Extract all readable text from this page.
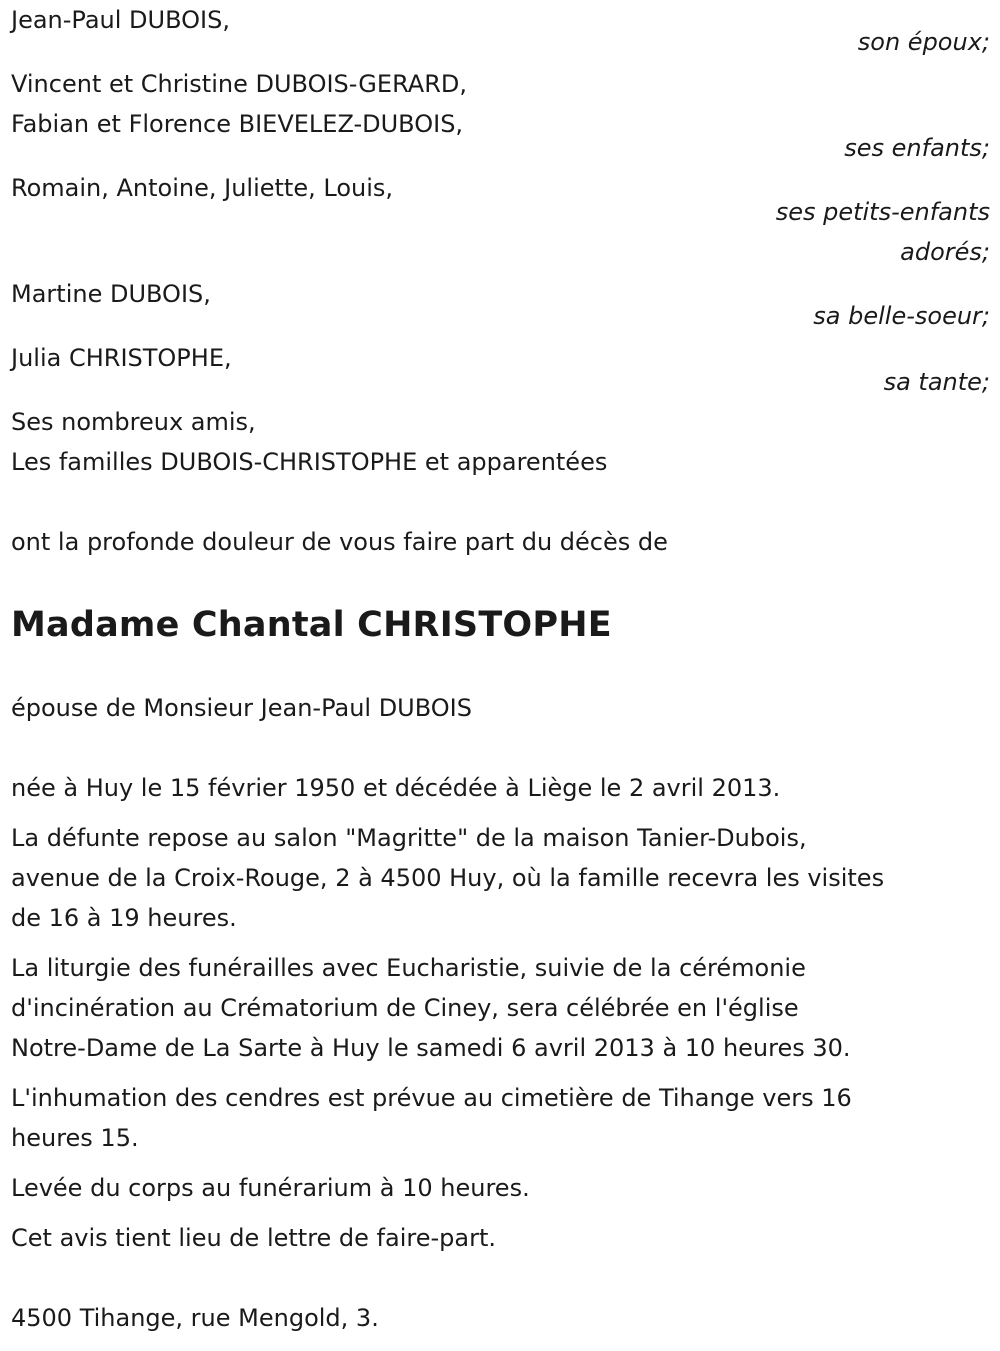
Jean-Paul DUBOIS,

son époux;

Vincent et Christine DUBOIS-GERARD,

Fabian et Florence BIEVELEZ-DUBOIS,

ses enfants;

Romain, Antoine, Juliette, Louis,

ses petits-enfants

adorés;

Martine DUBOIS,

sa belle-soeur;

Julia CHRISTOPHE,

sa tante;

Ses nombreux amis,

Les familles DUBOIS-CHRISTOPHE et apparentées

ont la profonde douleur de vous faire part du décès de

Madame Chantal CHRISTOPHE

épouse de Monsieur Jean-Paul DUBOIS

née à Huy le 15 février 1950 et décédée à Liège le 2 avril 2013.

La défunte repose au salon "Magritte" de la maison Tanier-Dubois,

avenue de la Croix-Rouge, 2 à 4500 Huy, où la famille recevra les visites

de 16 à 19 heures.

La liturgie des funérailles avec Eucharistie, suivie de la cérémonie

d'incinération au Crématorium de Ciney, sera célébrée en l'église

Notre-Dame de La Sarte à Huy le samedi 6 avril 2013 à 10 heures 30.

L'inhumation des cendres est prévue au cimetière de Tihange vers 16

heures 15.

Levée du corps au funérarium à 10 heures.

Cet avis tient lieu de lettre de faire-part.

4500 Tihange, rue Mengold, 3.
